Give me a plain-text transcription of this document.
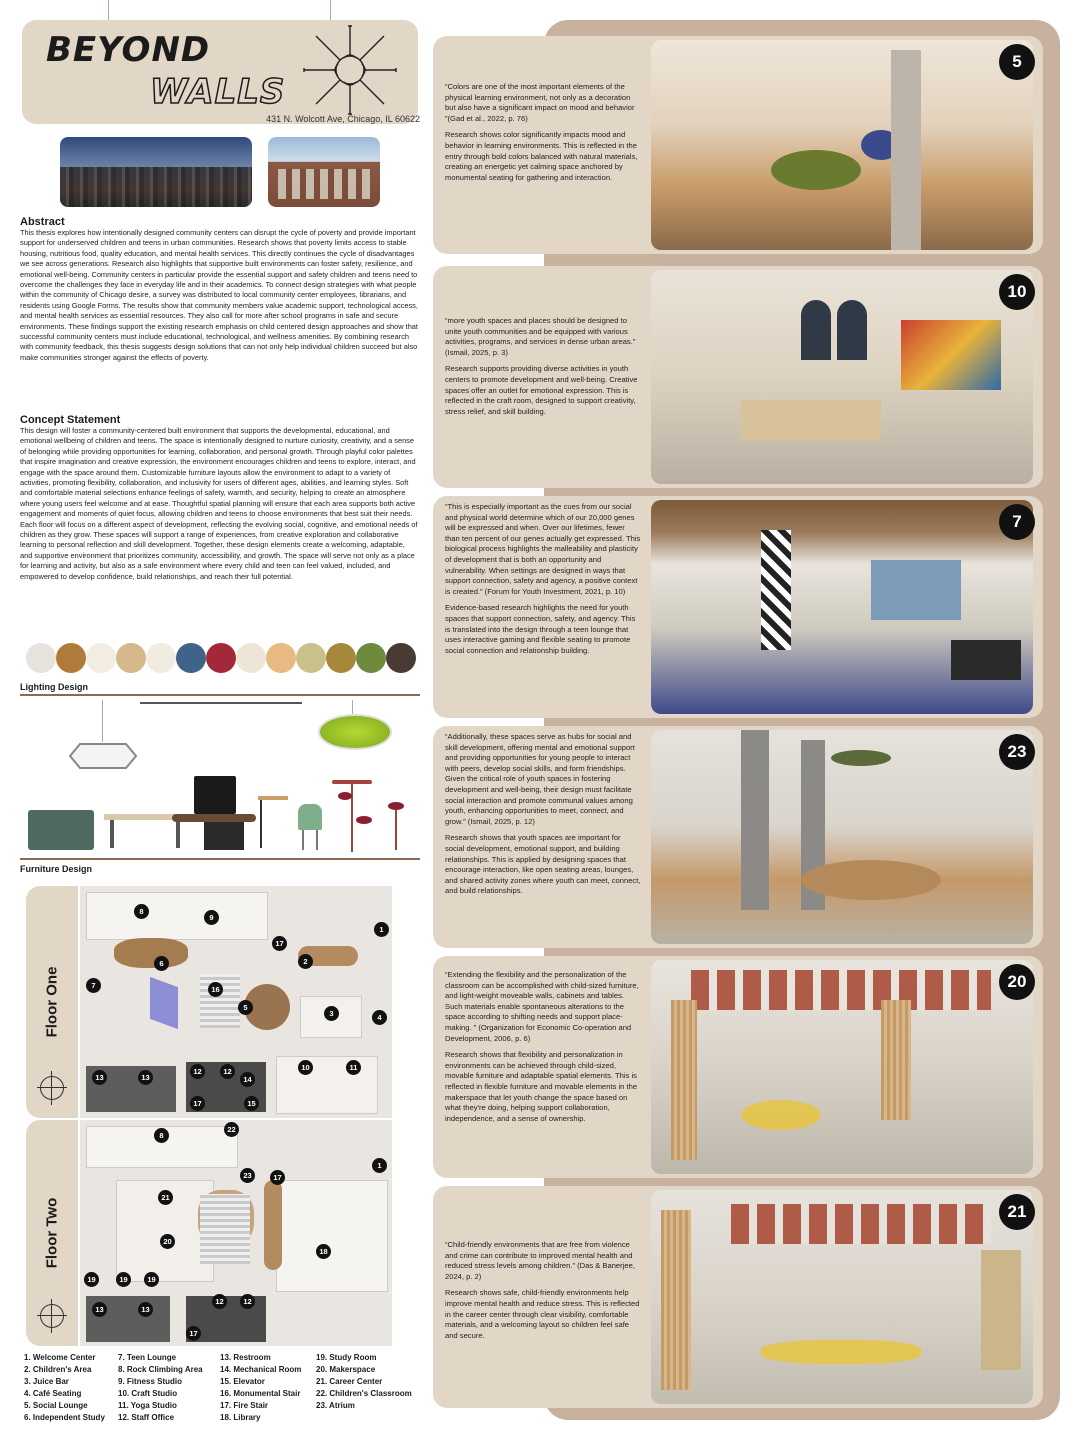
BEYOND
WALLS
431 N. Wolcott Ave, Chicago, IL 60622
Abstract
This thesis explores how intentionally designed community centers can disrupt the cycle of poverty and provide important support for underserved children and teens in urban communities. Research shows that poverty limits access to stable housing, nutritious food, quality education, and mental health services. This directly continues the cycle of disadvantages we see across generations. Research also highlights that supportive built environments can foster safety, resilience, and emotional well-being. Community centers in particular provide the essential support and safety children and teens need to overcome the challenges they face in everyday life and in their academics. To connect design strategies with what people within the community of Chicago desire, a survey was distributed to local community center employees, librarians, and residents using Google Forms. The results show that community members value academic support, technological access, and mental health services as essential resources. They also call for more after school programs in safe and secure environments. These findings support the existing research emphasis on child centered design approaches and show that successful community centers must include educational, technological, and wellness amenities. By combining research with community feedback, this thesis suggests design solutions that can not only help individual children succeed but also make communities stronger against the effects of poverty.
Concept Statement
This design will foster a community-centered built environment that supports the developmental, educational, and emotional wellbeing of children and teens. The space is intentionally designed to nurture curiosity, creativity, and a sense of belonging while providing opportunities for learning, collaboration, and personal growth. Through playful color palettes that inspire imagination and creative expression, the environment encourages children and teens to explore, interact, and engage with the space around them. Customizable furniture layouts allow the environment to adapt to a variety of activities, promoting flexibility, collaboration, and inclusivity for users of different ages, abilities, and learning styles. Soft and comfortable material selections enhance feelings of safety, warmth, and security, helping to create an atmosphere where young users feel welcome and at ease. Thoughtful spatial planning will ensure that each area supports both active engagement and moments of quiet focus, allowing children and teens to choose environments that best suit their needs. Each floor will focus on a different aspect of development, reflecting the evolving social, cognitive, and emotional needs of children as they grow. These spaces will support a range of experiences, from creative exploration and collaborative learning to personal reflection and skill development. Together, these design elements create a welcoming, adaptable, and supportive environment that prioritizes community, accessibility, and growth. The space will serve not only as a place for learning and activity, but also as a safe environment where every child and teen can feel valued, included, and empowered to develop confidence, build relationships, and reach their full potential.
Lighting Design
Furniture Design
Floor One
8
9
1
17
2
6
7	16
5
3	4
13	13
12	12
14
10	11
17	15
Floor Two
8
22
1
23	17
21
20
18
19	19	19
13	13
12	12
17
1. Welcome Center
2. Children's Area
3. Juice Bar
4. Café Seating
5. Social Lounge
6. Independent Study
7. Teen Lounge
8. Rock Climbing Area
9. Fitness Studio
10. Craft Studio
11. Yoga Studio
12. Staff Office
13. Restroom
14. Mechanical Room
15. Elevator
16. Monumental Stair
17. Fire Stair
18. Library
19. Study Room
20. Makerspace
21. Career Center
22. Children's Classroom
23. Atrium
“Colors are one of the most important elements of the physical learning environment, not only as a decoration but also have a significant impact on mood and behavior ”(Gad et al., 2022, p. 76)
Research shows color significantly impacts mood and behavior in learning environments. This is reflected in the entry through bold colors balanced with natural materials, creating an energetic yet calming space anchored by monumental seating for gathering and interaction.
5
“more youth spaces and places should be designed to unite youth communities and be equipped with various activities, programs, and services in dense urban areas.” (Ismail, 2025, p. 3)
Research supports providing diverse activities in youth centers to promote development and well-being. Creative spaces offer an outlet for emotional expression. This is reflected in the craft room, designed to support creativity, stress relief, and skill building.
10
“This is especially important as the cues from our social and physical world determine which of our 20,000 genes will be expressed and when. Over our lifetimes, fewer than ten percent of our genes actually get expressed. This biological process highlights the malleability and plasticity of development that is both an opportunity and vulnerability. When settings are designed in ways that support connection, safety and agency, a positive context is created.” (Forum for Youth Investment, 2021, p. 10)
Evidence-based research highlights the need for youth spaces that support connection, safety, and agency. This is translated into the design through a teen lounge that uses interactive gaming and flexible seating to promote social connection and relationship building.
7
“Additionally, these spaces serve as hubs for social and skill development, offering mental and emotional support and providing opportunities for young people to interact with peers, develop social skills, and form friendships. Given the critical role of youth spaces in fostering development and well-being, their design must facilitate social interaction and promote communal values among youth, enhancing opportunities to meet, connect, and grow.” (Ismail, 2025, p. 12)
Research shows that youth spaces are important for social development, emotional support, and building relationships. This is applied by designing spaces that encourage interaction, like open seating areas, lounges, and shared activity zones where youth can meet, connect, and build relationships.
23
“Extending the flexibility and the personalization of the classroom can be accomplished with child-sized furniture, and light-weight moveable walls, cabinets and tables. Such materials enable spontaneous alterations to the space according to shifting needs and support place-making. ” (Organization for Economic Co-operation and Development, 2006, p. 6)
Research shows that flexibility and personalization in environments can be achieved through child-sized, movable furniture and adaptable spatial elements. This is reflected in flexible furniture and movable elements in the makerspace that let youth change the space based on what they're doing, helping support collaboration, independence, and a sense of ownership.
20
“Child-friendly environments that are free from violence and crime can contribute to improved mental health and reduced stress levels among children.” (Das & Banerjee, 2024, p. 2)
Research shows safe, child-friendly environments help improve mental health and reduce stress. This is reflected in the career center through clear visibility, comfortable materials, and a welcoming layout so children feel safe and secure.
21
